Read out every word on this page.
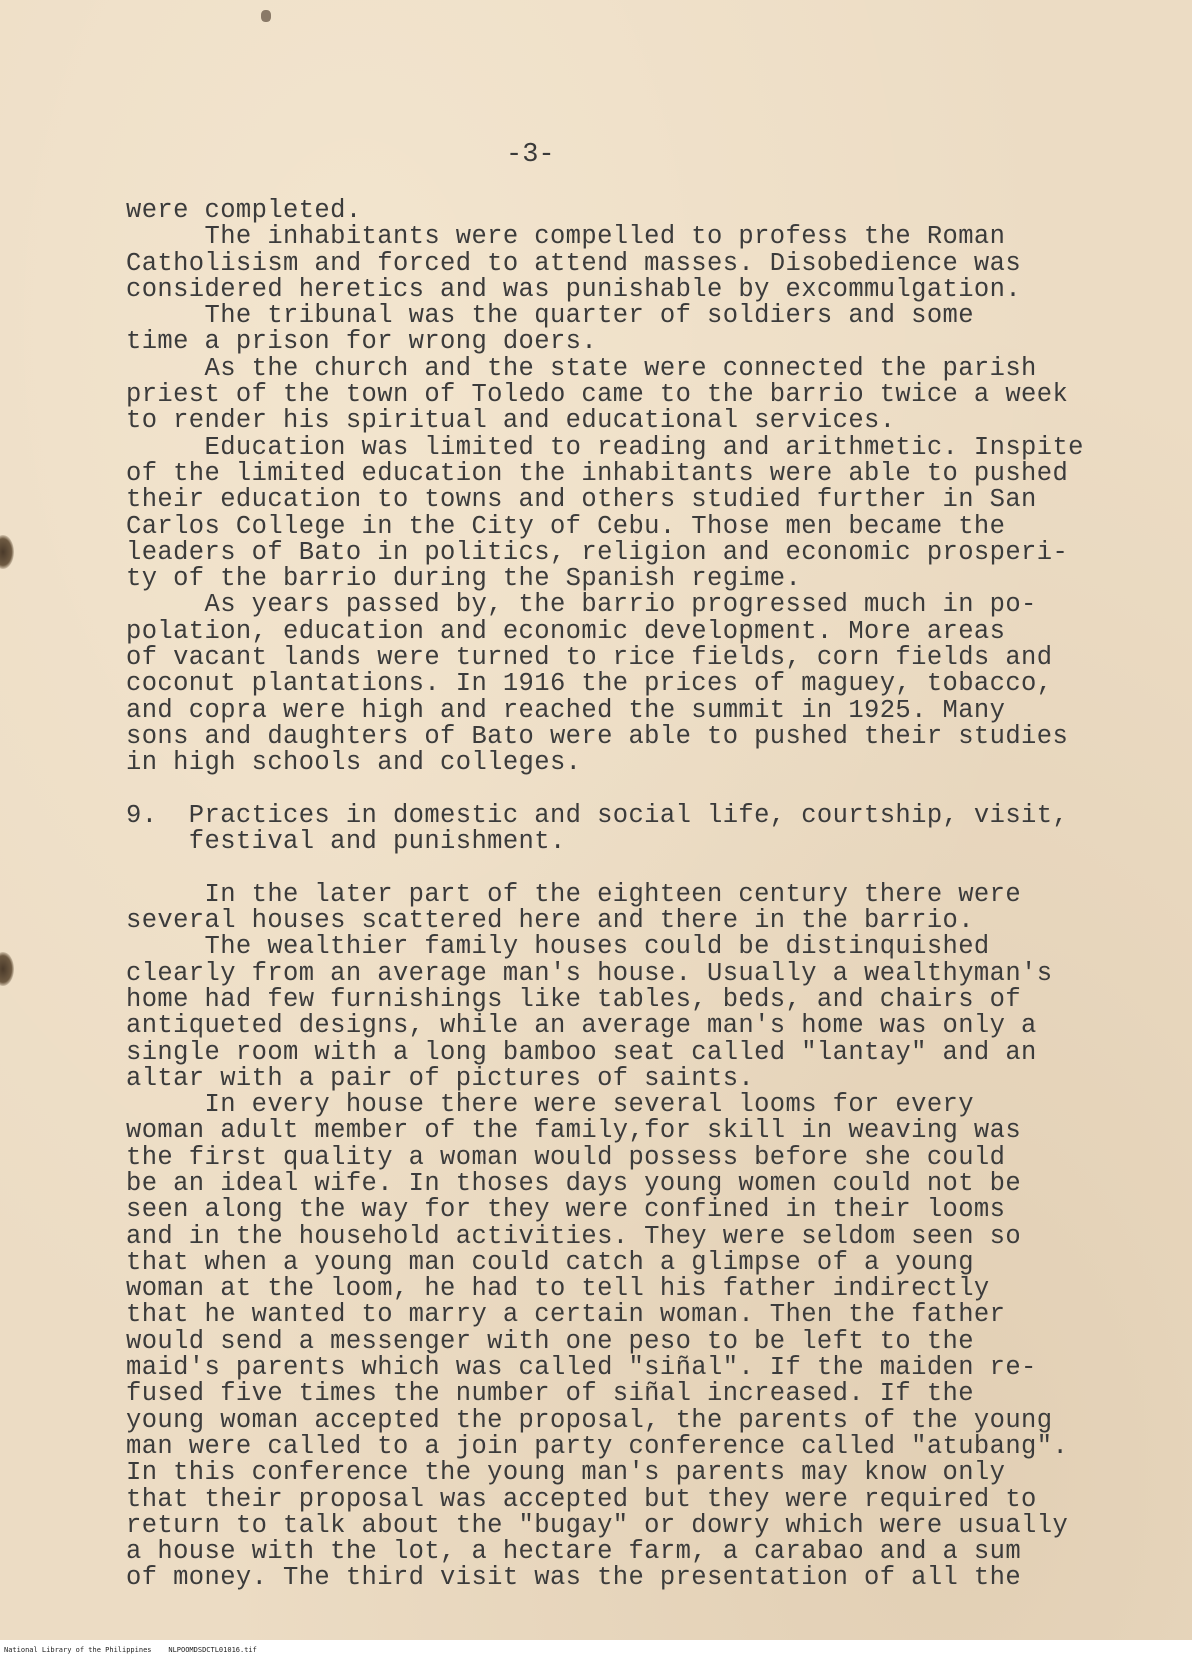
-3-
were completed.
The inhabitants were compelled to profess the Roman
Catholisism and forced to attend masses. Disobedience was
considered heretics and was punishable by excommulgation.
The tribunal was the quarter of soldiers and some
time a prison for wrong doers.
As the church and the state were connected the parish
priest of the town of Toledo came to the barrio twice a week
to render his spiritual and educational services.
Education was limited to reading and arithmetic. Inspite
of the limited education the inhabitants were able to pushed
their education to towns and others studied further in San
Carlos College in the City of Cebu. Those men became the
leaders of Bato in politics, religion and economic prosperi-
ty of the barrio during the Spanish regime.
As years passed by, the barrio progressed much in po-
polation, education and economic development. More areas
of vacant lands were turned to rice fields, corn fields and
coconut plantations. In 1916 the prices of maguey, tobacco,
and copra were high and reached the summit in 1925. Many
sons and daughters of Bato were able to pushed their studies
in high schools and colleges.
9.  Practices in domestic and social life, courtship, visit,
festival and punishment.
In the later part of the eighteen century there were
several houses scattered here and there in the barrio.
The wealthier family houses could be distinquished
clearly from an average man's house. Usually a wealthyman's
home had few furnishings like tables, beds, and chairs of
antiqueted designs, while an average man's home was only a
single room with a long bamboo seat called "lantay" and an
altar with a pair of pictures of saints.
In every house there were several looms for every
woman adult member of the family,for skill in weaving was
the first quality a woman would possess before she could
be an ideal wife. In thoses days young women could not be
seen along the way for they were confined in their looms
and in the household activities. They were seldom seen so
that when a young man could catch a glimpse of a young
woman at the loom, he had to tell his father indirectly
that he wanted to marry a certain woman. Then the father
would send a messenger with one peso to be left to the
maid's parents which was called "siñal". If the maiden re-
fused five times the number of siñal increased. If the
young woman accepted the proposal, the parents of the young
man were called to a join party conference called "atubang".
In this conference the young man's parents may know only
that their proposal was accepted but they were required to
return to talk about the "bugay" or dowry which were usually
a house with the lot, a hectare farm, a carabao and a sum
of money. The third visit was the presentation of all the
National Library of the Philippines    NLPOOMDSDCTL01016.tif
